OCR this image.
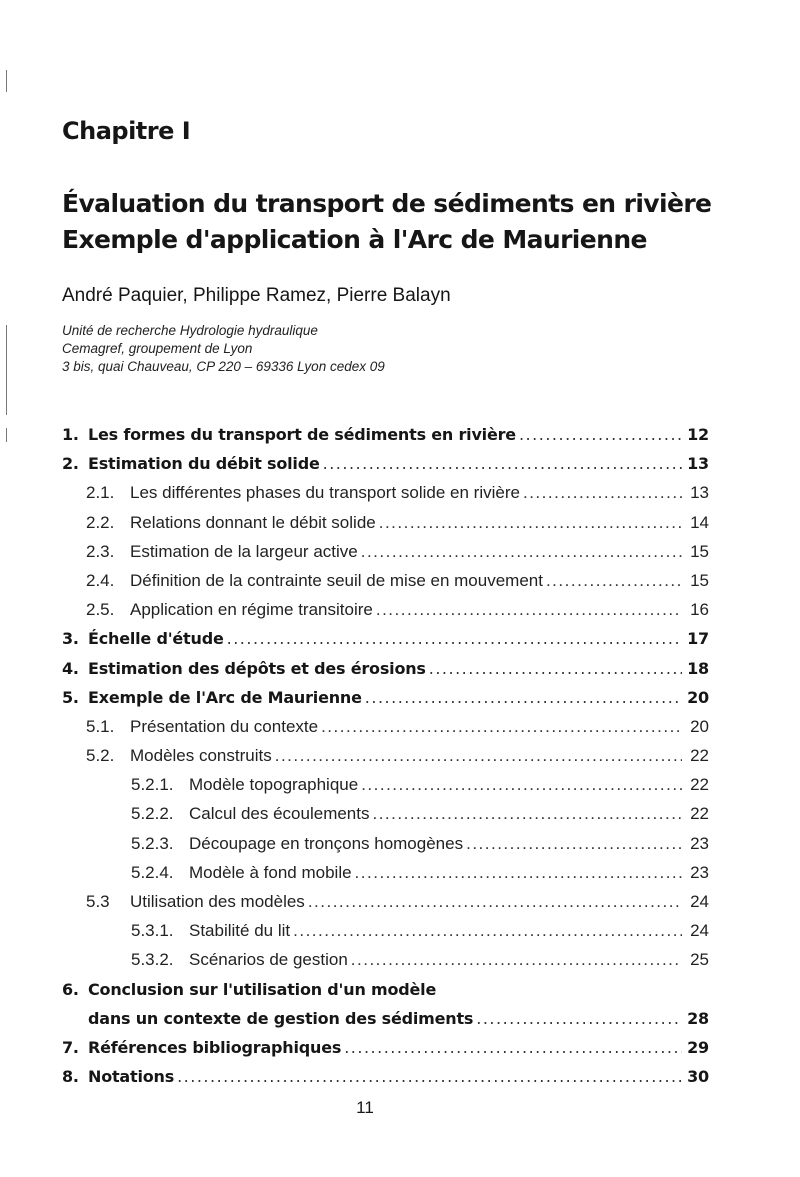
Chapitre I
Évaluation du transport de sédiments en rivière
Exemple d'application à l'Arc de Maurienne

André Paquier, Philippe Ramez, Pierre Balayn

Unité de recherche Hydrologie hydraulique
Cemagref, groupement de Lyon
3 bis, quai Chauveau, CP 220 – 69336 Lyon cedex 09
1. Les formes du transport de sédiments en rivière .....	12
2. Estimation du débit solide .....	13
2.1. Les différentes phases du transport solide en rivière .....	13
2.2. Relations donnant le débit solide .....	14
2.3. Estimation de la largeur active .....	15
2.4. Définition de la contrainte seuil de mise en mouvement .....	15
2.5. Application en régime transitoire .....	16
3. Échelle d'étude .....	17
4. Estimation des dépôts et des érosions .....	18
5. Exemple de l'Arc de Maurienne .....	20
5.1. Présentation du contexte .....	20
5.2. Modèles construits .....	22
5.2.1. Modèle topographique .....	22
5.2.2. Calcul des écoulements .....	22
5.2.3. Découpage en tronçons homogènes .....	23
5.2.4. Modèle à fond mobile .....	23
5.3	Utilisation des modèles .....	24
5.3.1. Stabilité du lit .....	24
5.3.2. Scénarios de gestion .....	25
6. Conclusion sur l'utilisation d'un modèle
dans un contexte de gestion des sédiments .....	28
7. Références bibliographiques .....	29
8. Notations .....	30
11
